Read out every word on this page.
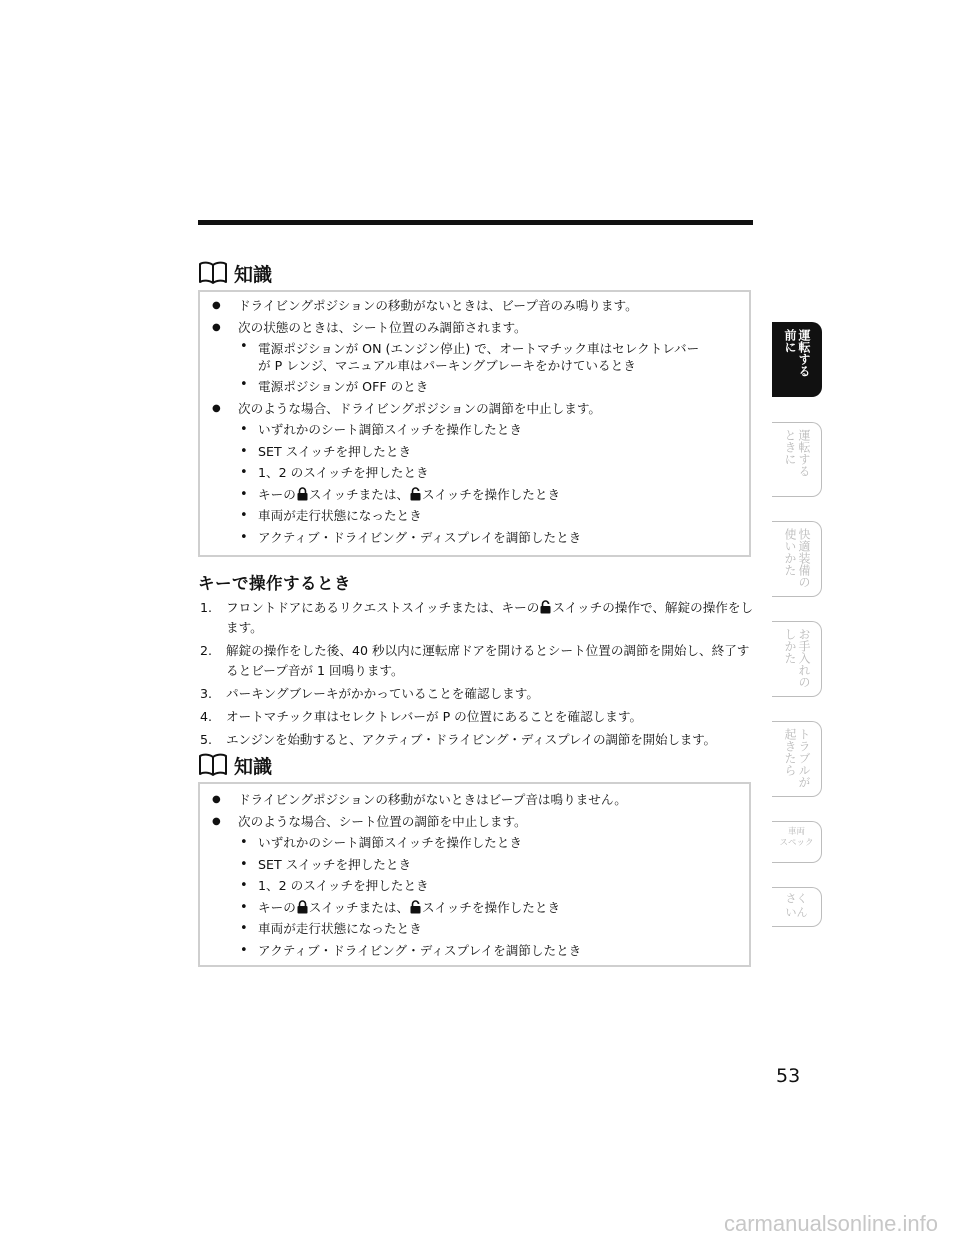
知識
● ドライビングポジションの移動がないときは、ビープ音のみ鳴ります。
● 次の状態のときは、シート位置のみ調節されます。
• 電源ポジションが ON (エンジン停止) で、オートマチック車はセレクトレバー
が P レンジ、マニュアル車はパーキングブレーキをかけているとき
• 電源ポジションが OFF のとき
● 次のような場合、ドライビングポジションの調節を中止します。
• いずれかのシート調節スイッチを操作したとき
• SET スイッチを押したとき
• 1、2 のスイッチを押したとき
• キーの スイッチまたは、 スイッチを操作したとき
• 車両が走行状態になったとき
• アクティブ・ドライビング・ディスプレイを調節したとき
キーで操作するとき
1. フロントドアにあるリクエストスイッチまたは、キーの スイッチの操作で、解錠の操作をします。
2. 解錠の操作をした後、40 秒以内に運転席ドアを開けるとシート位置の調節を開始し、終了するとビープ音が 1 回鳴ります。
3. パーキングブレーキがかかっていることを確認します。
4. オートマチック車はセレクトレバーが P の位置にあることを確認します。
5. エンジンを始動すると、アクティブ・ドライビング・ディスプレイの調節を開始します。
知識
● ドライビングポジションの移動がないときはビープ音は鳴りません。
● 次のような場合、シート位置の調節を中止します。
• いずれかのシート調節スイッチを操作したとき
• SET スイッチを押したとき
• 1、2 のスイッチを押したとき
• キーの スイッチまたは、 スイッチを操作したとき
• 車両が走行状態になったとき
• アクティブ・ドライビング・ディスプレイを調節したとき
運転する
前に
運転する
ときに
快適装備の
使いかた
お手入れの
しかた
トラブルが
起きたら
車両
スペック
さく
いん
53
carmanualsonline.info
